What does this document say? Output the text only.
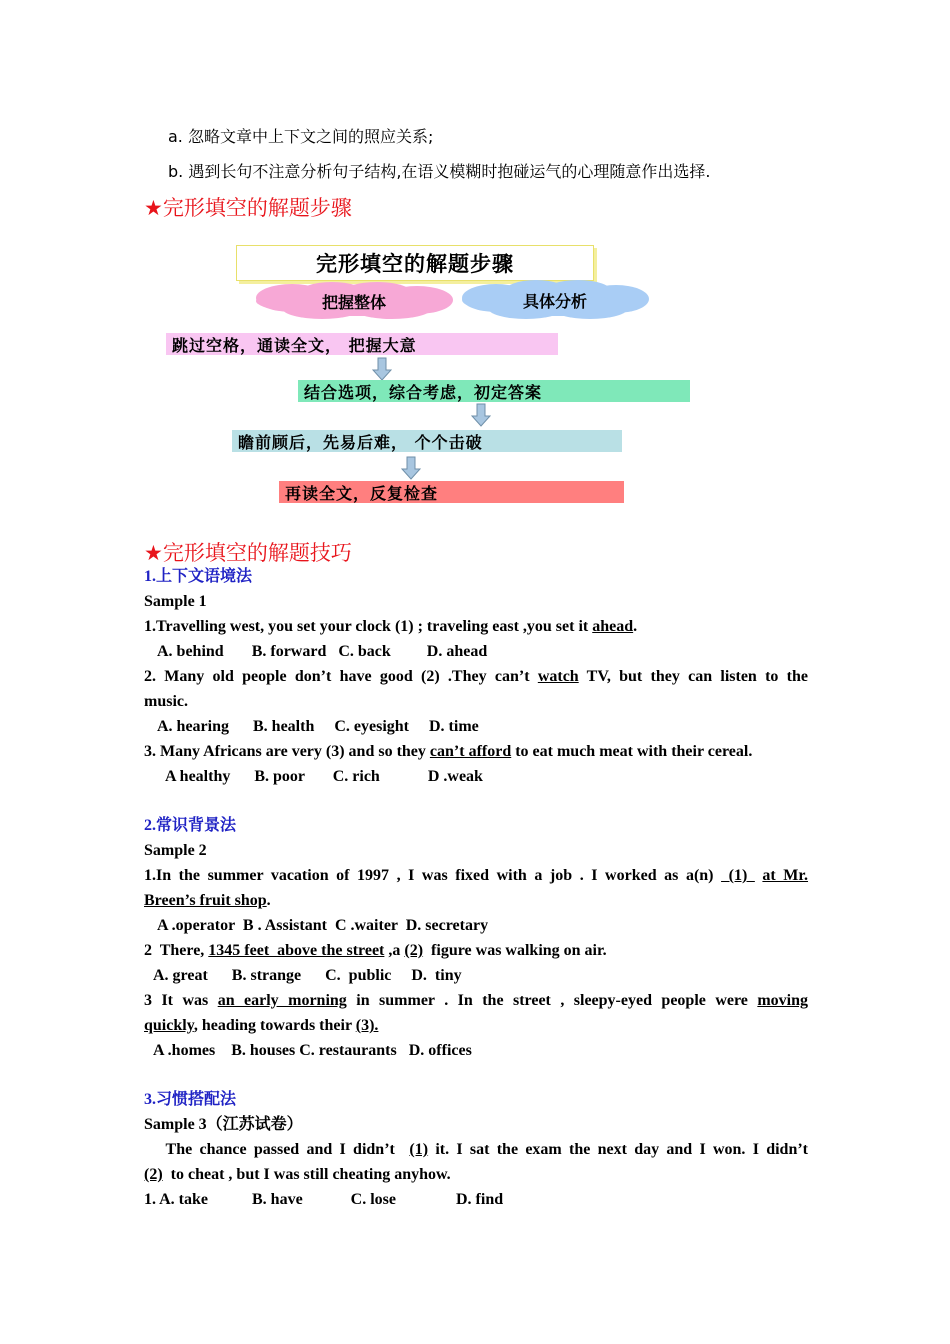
完形填空的解题步骤
把握整体	具体分析
跳过空格，通读全文， 把握大意
结合选项，综合考虑，初定答案
瞻前顾后，先易后难， 个个击破
再读全文，反复检查
a. 忽略文章中上下文之间的照应关系;
b. 遇到长句不注意分析句子结构,在语义模糊时抱碰运气的心理随意作出选择.
★完形填空的解题步骤
★完形填空的解题技巧
1.上下文语境法
Sample 1
1.Travelling west, you set your clock (1) ; traveling east ,you set it ahead.
A. behind       B. forward   C. back         D. ahead
2. Many old people don’t have good (2) .They can’t watch TV, but they can listen to the
music.
A. hearing      B. health     C. eyesight     D. time
3. Many Africans are very (3) and so they can’t afford to eat much meat with their cereal.
A healthy      B. poor       C. rich            D .weak
2.常识背景法
Sample 2
1.In the summer vacation of 1997 , I was fixed with a job . I worked as a(n)  (1)  at Mr.
Breen’s fruit shop.
A .operator  B . Assistant  C .waiter  D. secretary
2  There, 1345 feet  above the street ,a (2)  figure was walking on air.
A. great      B. strange      C.  public     D.  tiny
3 It was an early morning in summer . In the street , sleepy-eyed people were moving
quickly, heading towards their (3).
A .homes    B. houses C. restaurants   D. offices
3.习惯搭配法
Sample 3（江苏试卷）
The chance passed and I didn’t  (1) it. I sat the exam the next day and I won. I didn’t
(2)  to cheat , but I was still cheating anyhow.
1. A. take           B. have            C. lose               D. find
